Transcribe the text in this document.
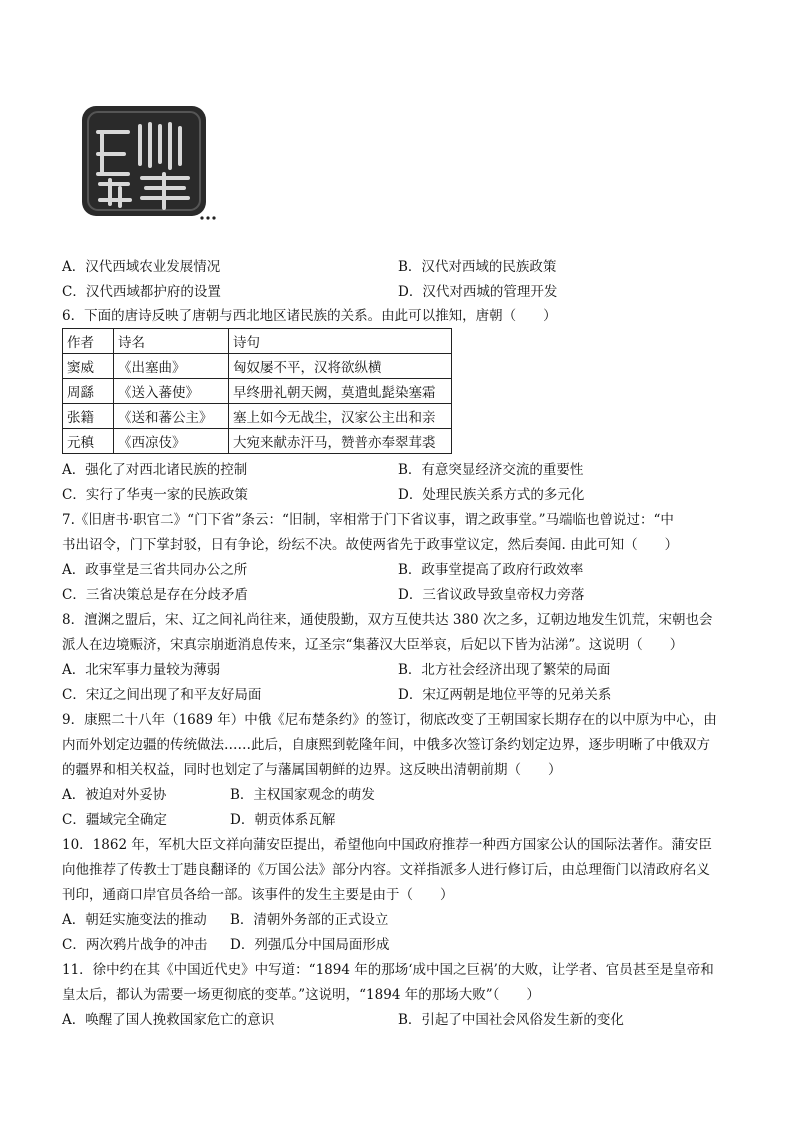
A．汉代西域农业发展情况	B．汉代对西域的民族政策
C．汉代西域都护府的设置	D．汉代对西城的管理开发
6．下面的唐诗反映了唐朝与西北地区诸民族的关系。由此可以推知，唐朝（　　）
作者	诗名	诗句
窦威	《出塞曲》	匈奴屡不平，汉将欲纵横
周繇	《送入蕃使》	早终册礼朝天阙，莫遣虬髭染塞霜
张籍	《送和蕃公主》	塞上如今无战尘，汉家公主出和亲
元稹	《西凉伎》	大宛来献赤汗马，赞普亦奉翠茸裘
A．强化了对西北诸民族的控制	B．有意突显经济交流的重要性
C．实行了华夷一家的民族政策	D．处理民族关系方式的多元化
7.《旧唐书·职官二》“门下省”条云：“旧制，宰相常于门下省议事，谓之政事堂。”马端临也曾说过：“中
书出诏令，门下掌封驳，日有争论，纷纭不决。故使两省先于政事堂议定，然后奏闻. 由此可知（　　）
A．政事堂是三省共同办公之所	B．政事堂提高了政府行政效率
C．三省决策总是存在分歧矛盾	D．三省议政导致皇帝权力旁落
8．澶渊之盟后，宋、辽之间礼尚往来，通使殷勤，双方互使共达 380 次之多，辽朝边地发生饥荒，宋朝也会
派人在边境赈济，宋真宗崩逝消息传来，辽圣宗“集蕃汉大臣举哀，后妃以下皆为沾涕”。这说明（　　）
A．北宋军事力量较为薄弱	B．北方社会经济出现了繁荣的局面
C．宋辽之间出现了和平友好局面	D．宋辽两朝是地位平等的兄弟关系
9．康熙二十八年（1689 年）中俄《尼布楚条约》的签订，彻底改变了王朝国家长期存在的以中原为中心，由
内而外划定边疆的传统做法……此后，自康熙到乾隆年间，中俄多次签订条约划定边界，逐步明晰了中俄双方
的疆界和相关权益，同时也划定了与藩属国朝鲜的边界。这反映出清朝前期（　　）
A．被迫对外妥协	B．主权国家观念的萌发
C．疆域完全确定	D．朝贡体系瓦解
10．1862 年，军机大臣文祥向蒲安臣提出，希望他向中国政府推荐一种西方国家公认的国际法著作。蒲安臣
向他推荐了传教士丁韪良翻译的《万国公法》部分内容。文祥指派多人进行修订后，由总理衙门以清政府名义
刊印，通商口岸官员各给一部。该事件的发生主要是由于（　　）
A．朝廷实施变法的推动 B．清朝外务部的正式设立
C．两次鸦片战争的冲击 D．列强瓜分中国局面形成
11．徐中约在其《中国近代史》中写道：“1894 年的那场‘成中国之巨祸’的大败，让学者、官员甚至是皇帝和
皇太后，都认为需要一场更彻底的变革。”这说明，“1894 年的那场大败”（　　）
A．唤醒了国人挽救国家危亡的意识	B．引起了中国社会风俗发生新的变化
